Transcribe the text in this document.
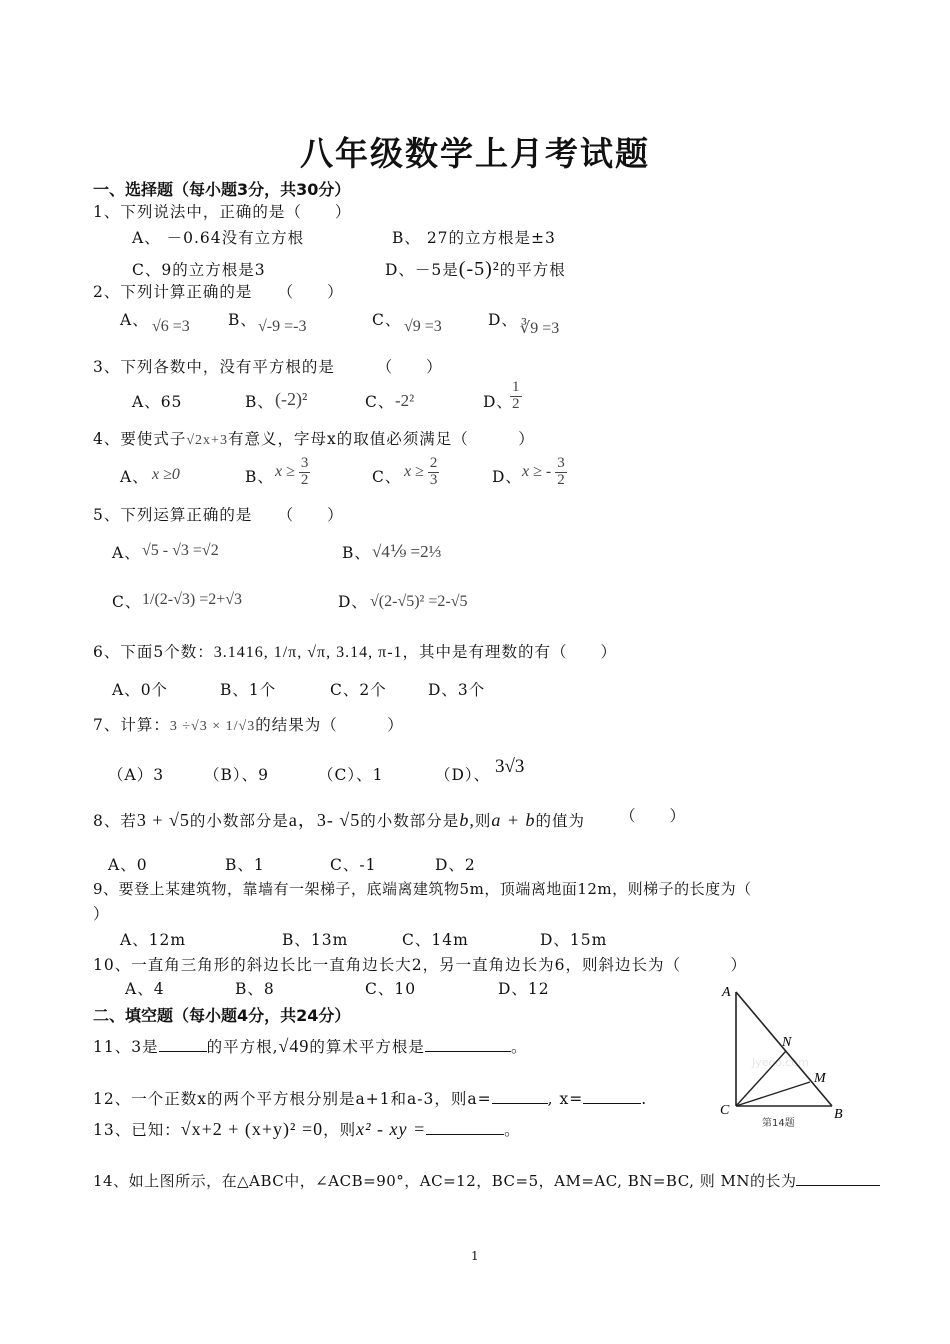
八年级数学上月考试题
一、选择题（每小题3分，共30分）
1、下列说法中，正确的是（　　）
A、 －0.64没有立方根	B、 27的立方根是±3
C、9的立方根是3	D、－5是(-5)²的平方根
2、下列计算正确的是　　（　　）
A、 √6 =3 B、 √-9 =-3	C、 √9 =3	D、 ∛9 =3
3、下列各数中，没有平方根的是　　　（　　）
A、65	B、 (-2)²	C、 -2²	D、
$\frac{1}{2}$
4、要使式子√2x+3有意义，字母x的取值必须满足（　　　）
A、 x ≥0	B、 $x \ge \frac{3}{2}$	C、 $x \ge \frac{2}{3}$	D、 x ≥ - $\frac{3}{2}$
5、下列运算正确的是　　（　　）
A、 √5 - √3 =√2	B、 √4⅑ =2⅓
C、 1/(2-√3) =2+√3	D、 √(2-√5)² =2-√5
6、下面5个数：3.1416, 1/π, √π, 3.14, π-1，其中是有理数的有（　　）
A、0个	B、1个	C、2个	D、3个
7、计算：3 ÷√3 × 1/√3的结果为（　　　）
（A）3	（B）、9	（C）、1	（D）、 3√3
8、若3 + √5的小数部分是a，3- √5的小数部分是b,则a + b的值为 （　　）
A、0	B、1	C、-1	D、2
9、要登上某建筑物，靠墙有一架梯子，底端离建筑物5m，顶端离地面12m，则梯子的长度为（
）
A、12m	B、13m	C、14m	D、15m
10、一直角三角形的斜边长比一直角边长大2，另一直角边长为6，则斜边长为（　　　）
A、4	B、8	C、10	D、12
二、填空题（每小题4分，共24分）
11、3是	的平方根,√49的算术平方根是	。
12、一个正数x的两个平方根分别是a+1和a-3，则a=	, x=	.
13、已知：√x+2 + (x+y)² =0，则x² - xy =	。
14、如上图所示，在△ABC中，∠ACB=90°，AC=12，BC=5，AM=AC, BN=BC, 则 MN的长为
Jyeoo.com
A
N
M
C	B
第14题
1
